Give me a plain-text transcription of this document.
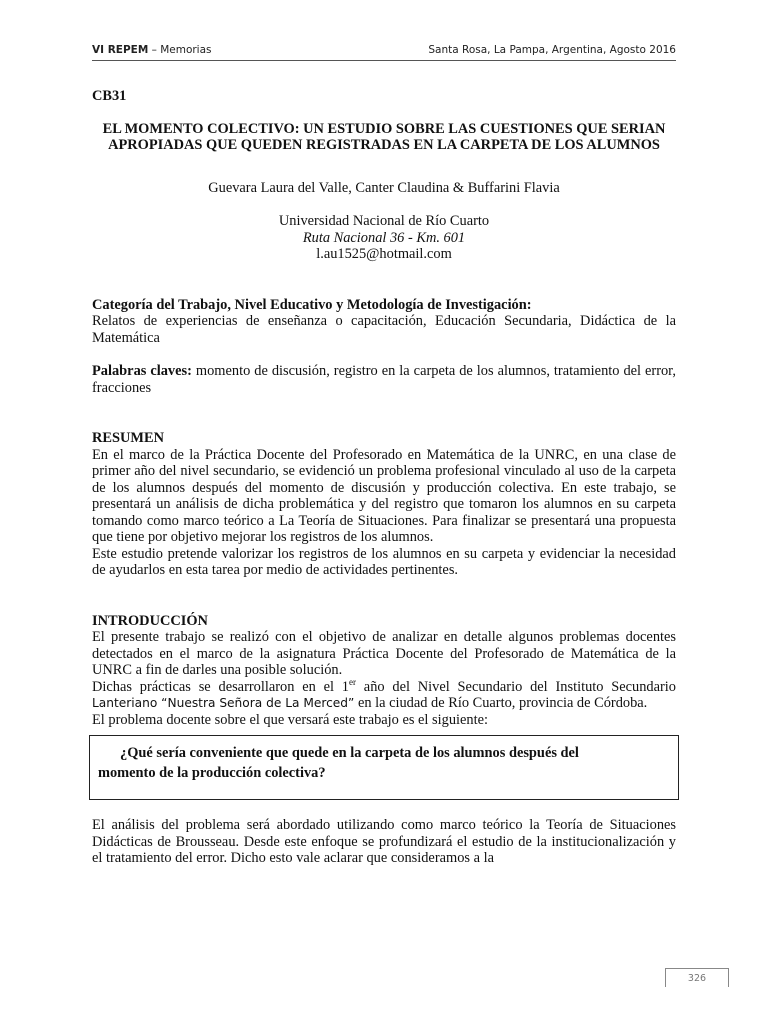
VI REPEM – Memorias	Santa Rosa, La Pampa, Argentina, Agosto 2016

CB31

EL MOMENTO COLECTIVO: UN ESTUDIO SOBRE LAS CUESTIONES QUE SERIAN APROPIADAS QUE QUEDEN REGISTRADAS EN LA CARPETA DE LOS ALUMNOS

Guevara Laura del Valle, Canter Claudina & Buffarini Flavia

Universidad Nacional de Río Cuarto
Ruta Nacional 36 - Km. 601
l.au1525@hotmail.com

Categoría del Trabajo, Nivel Educativo y Metodología de Investigación:

Relatos de experiencias de enseñanza o capacitación, Educación Secundaria, Didáctica de la Matemática

Palabras claves: momento de discusión, registro en la carpeta de los alumnos, tratamiento del error, fracciones

RESUMEN

En el marco de la Práctica Docente del Profesorado en Matemática de la UNRC, en una clase de primer año del nivel secundario, se evidenció un problema profesional vinculado al uso de la carpeta de los alumnos después del momento de discusión y producción colectiva. En este trabajo, se presentará un análisis de dicha problemática y del registro que tomaron los alumnos en su carpeta tomando como marco teórico a La Teoría de Situaciones. Para finalizar se presentará una propuesta que tiene por objetivo mejorar los registros de los alumnos.

Este estudio pretende valorizar los registros de los alumnos en su carpeta y evidenciar la necesidad de ayudarlos en esta tarea por medio de actividades pertinentes.

INTRODUCCIÓN

El presente trabajo se realizó con el objetivo de analizar en detalle algunos problemas docentes detectados en el marco de la asignatura Práctica Docente del Profesorado de Matemática de la UNRC a fin de darles una posible solución.

Dichas prácticas se desarrollaron en el 1er año del Nivel Secundario del Instituto Secundario Lanteriano “Nuestra Señora de La Merced” en la ciudad de Río Cuarto, provincia de Córdoba.

El problema docente sobre el que versará este trabajo es el siguiente:

¿Qué sería conveniente que quede en la carpeta de los alumnos después del
momento de la producción colectiva?

El análisis del problema será abordado utilizando como marco teórico la Teoría de Situaciones Didácticas de Brousseau. Desde este enfoque se profundizará el estudio de la institucionalización y el tratamiento del error. Dicho esto vale aclarar que consideramos a la

326
